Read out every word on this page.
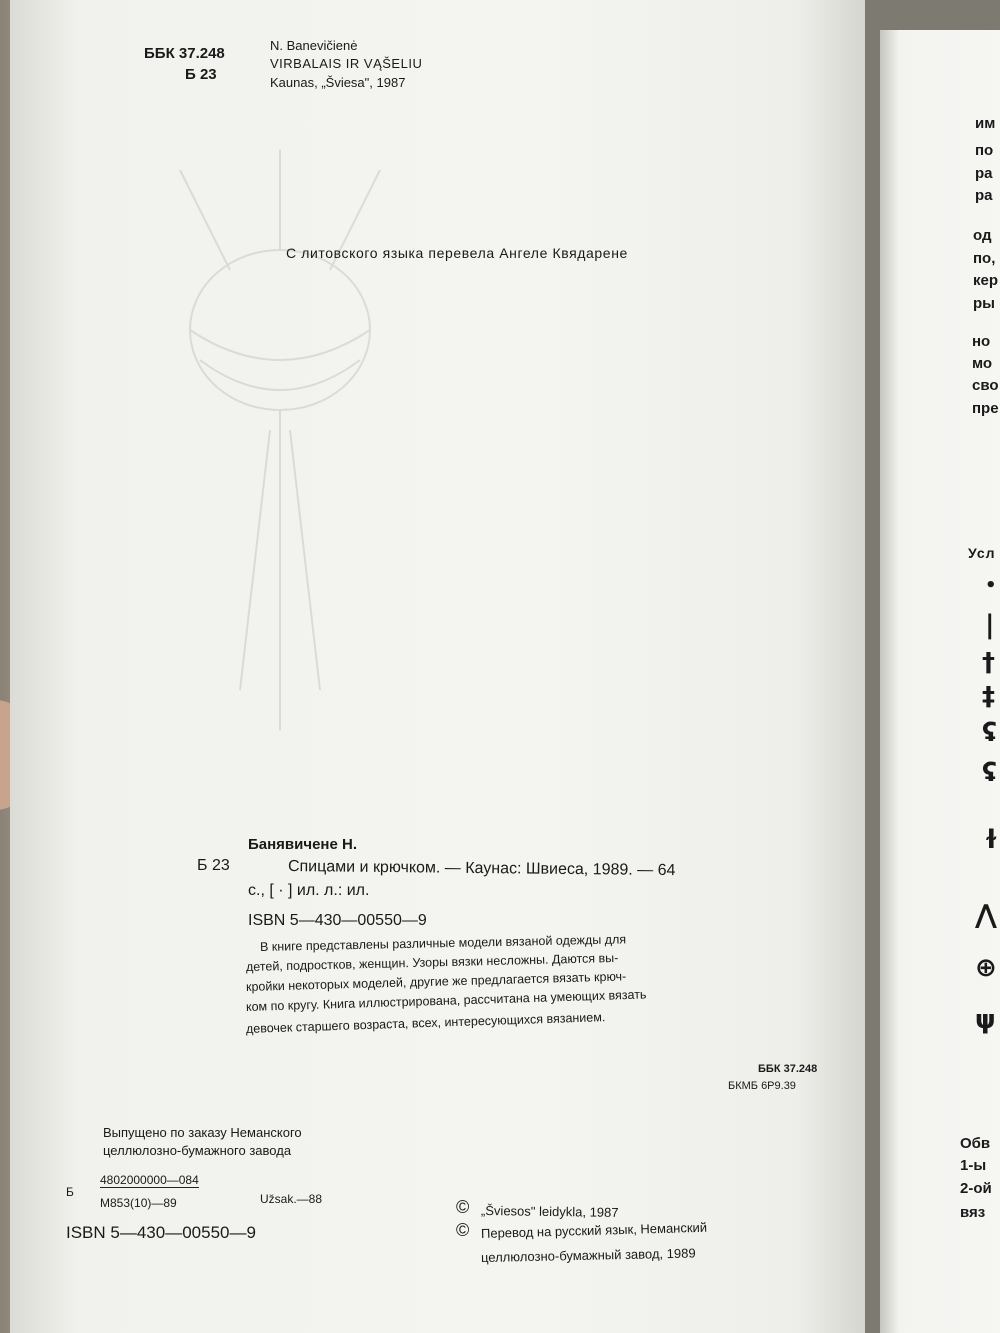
ББК 37.248
Б 23
N. Banevičienė
VIRBALAIS IR VĄŠELIU
Kaunas, „Šviesa", 1987
С литовского языка перевела Ангеле Квядарене
Банявичене Н.
Б 23	Спицами и крючком. — Каунас: Швиеса, 1989. — 64
с., [ · ] ил. л.: ил.
ISBN 5—430—00550—9
В книге представлены различные модели вязаной одежды для
детей, подростков, женщин. Узоры вязки несложны. Даются вы-
кройки некоторых моделей, другие же предлагается вязать крюч-
ком по кругу. Книга иллюстрирована, рассчитана на умеющих вязать
девочек старшего возраста, всех, интересующихся вязанием.
ББК 37.248
БКМБ 6Р9.39
Выпущено по заказу Неманского
целлюлозно-бумажного завода
Б
4802000000—084
М853(10)—89	Užsak.—88
ISBN 5—430—00550—9
© „Šviesos" leidykla, 1987
© Перевод на русский язык, Неманский
целлюлозно-бумажный завод, 1989
им
по
ра
ра
од
по,
кер
ры
но
мо
сво
пре
Усл
•
|
†
‡
ʢ
ʢ
ɫ
⋀
⊕
ψ
Обв
1-ы
2-ой
вяз
